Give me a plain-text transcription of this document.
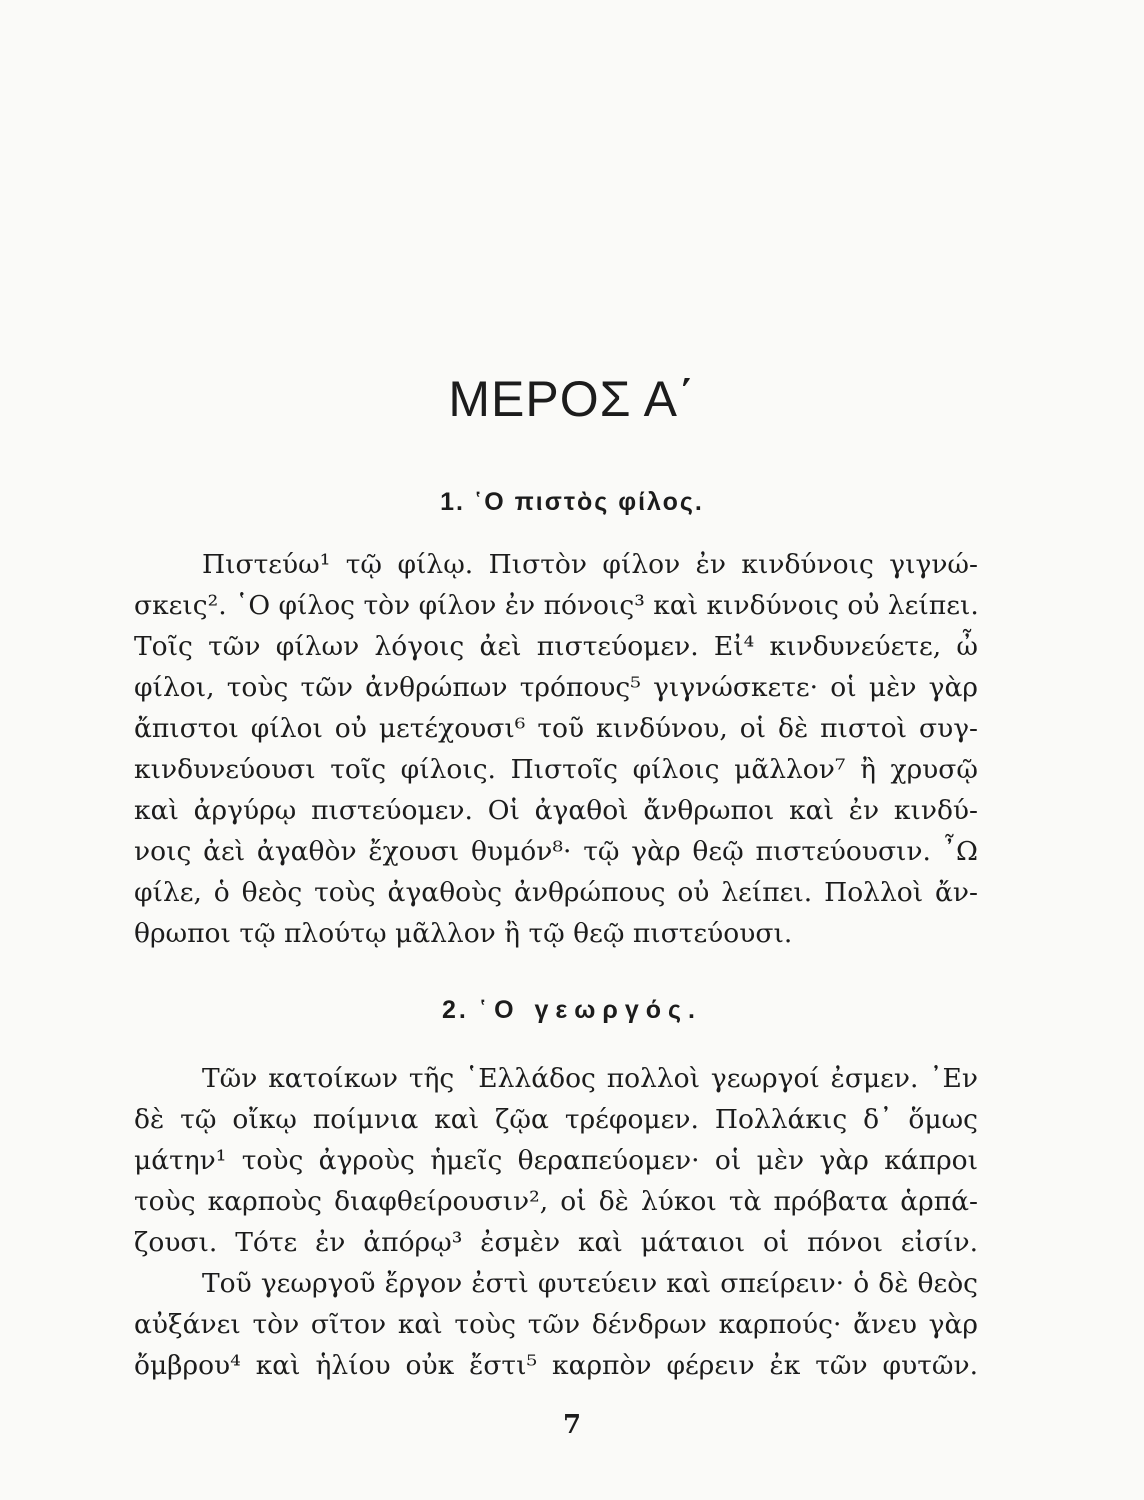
ΜΕΡΟΣ Α΄
1. ῾Ο πιστὸς φίλος.
Πιστεύω¹ τῷ φίλῳ. Πιστὸν φίλον ἐν κινδύνοις γιγνώ-
σκεις². ῾Ο φίλος τὸν φίλον ἐν πόνοις³ καὶ κινδύνοις οὐ λείπει.
Τοῖς τῶν φίλων λόγοις ἀεὶ πιστεύομεν. Εἰ⁴ κινδυνεύετε, ὦ
φίλοι, τοὺς τῶν ἀνθρώπων τρόπους⁵ γιγνώσκετε· οἱ μὲν γὰρ
ἄπιστοι φίλοι οὐ μετέχουσι⁶ τοῦ κινδύνου, οἱ δὲ πιστοὶ συγ-
κινδυνεύουσι τοῖς φίλοις. Πιστοῖς φίλοις μᾶλλον⁷ ἢ χρυσῷ
καὶ ἀργύρῳ πιστεύομεν. Οἱ ἀγαθοὶ ἄνθρωποι καὶ ἐν κινδύ-
νοις ἀεὶ ἀγαθὸν ἔχουσι θυμόν⁸· τῷ γὰρ θεῷ πιστεύουσιν. ῏Ω
φίλε, ὁ θεὸς τοὺς ἀγαθοὺς ἀνθρώπους οὐ λείπει. Πολλοὶ ἄν-
θρωποι τῷ πλούτῳ μᾶλλον ἢ τῷ θεῷ πιστεύουσι.
2. ῾Ο γεωργός.
Τῶν κατοίκων τῆς ῾Ελλάδος πολλοὶ γεωργοί ἐσμεν. ᾿Εν
δὲ τῷ οἴκῳ ποίμνια καὶ ζῷα τρέφομεν. Πολλάκις δ᾿ ὅμως
μάτην¹ τοὺς ἀγροὺς ἡμεῖς θεραπεύομεν· οἱ μὲν γὰρ κάπροι
τοὺς καρποὺς διαφθείρουσιν², οἱ δὲ λύκοι τὰ πρόβατα ἁρπά-
ζουσι. Τότε ἐν ἀπόρῳ³ ἐσμὲν καὶ μάταιοι οἱ πόνοι εἰσίν.
Τοῦ γεωργοῦ ἔργον ἐστὶ φυτεύειν καὶ σπείρειν· ὁ δὲ θεὸς
αὐξάνει τὸν σῖτον καὶ τοὺς τῶν δένδρων καρπούς· ἄνευ γὰρ
ὄμβρου⁴ καὶ ἡλίου οὐκ ἔστι⁵ καρπὸν φέρειν ἐκ τῶν φυτῶν.
7
